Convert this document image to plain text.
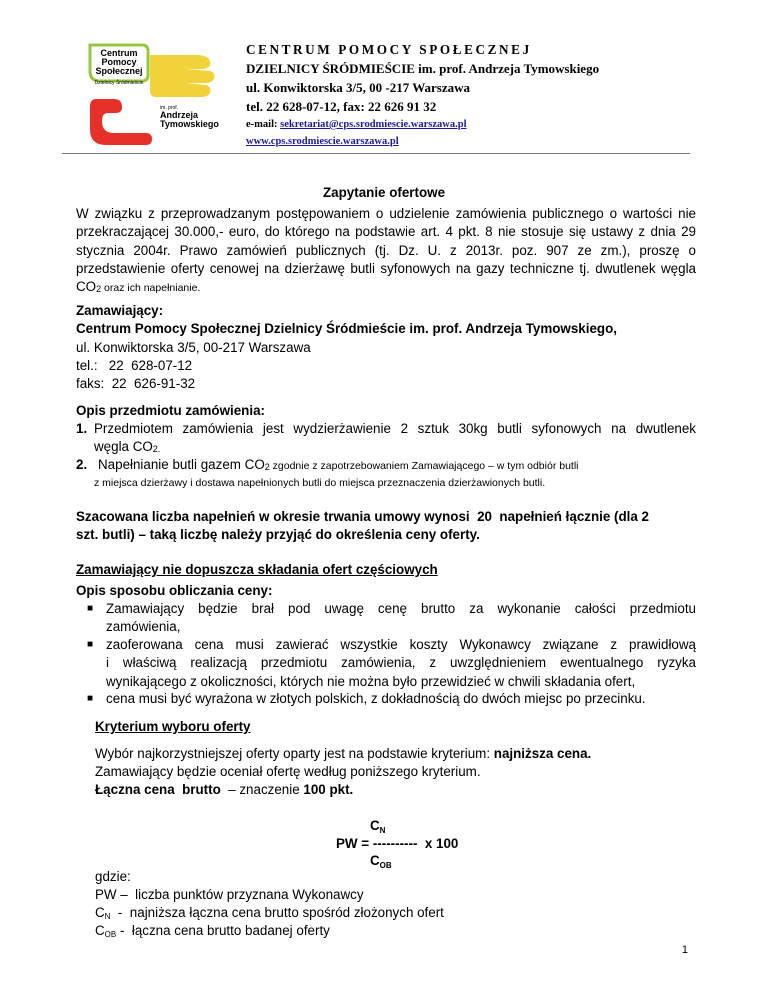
Centrum
Pomocy
Społecznej
Dzielnicy Śródmieście
im. prof.
Andrzeja
Tymowskiego
CENTRUM POMOCY SPOŁECZNEJ
DZIELNICY ŚRÓDMIEŚCIE im. prof. Andrzeja Tymowskiego
ul. Konwiktorska 3/5, 00 -217 Warszawa
tel. 22 628-07-12, fax: 22 626 91 32
e-mail: sekretariat@cps.srodmiescie.warszawa.pl
www.cps.srodmiescie.warszawa.pl
Zapytanie ofertowe
W związku z przeprowadzanym postępowaniem o udzielenie zamówienia publicznego o wartości nie przekraczającej 30.000,- euro, do którego na podstawie art. 4 pkt. 8 nie stosuje się ustawy z dnia 29 stycznia 2004r. Prawo zamówień publicznych (tj. Dz. U. z 2013r. poz. 907 ze zm.), proszę o przedstawienie oferty cenowej na dzierżawę butli syfonowych na gazy techniczne tj. dwutlenek węgla CO2 oraz ich napełnianie.
Zamawiający:
Centrum Pomocy Społecznej Dzielnicy Śródmieście im. prof. Andrzeja Tymowskiego,
ul. Konwiktorska 3/5, 00-217 Warszawa
tel.:   22  628-07-12
faks:  22  626-91-32
Opis przedmiotu zamówienia:
1. Przedmiotem zamówienia jest wydzierżawienie 2 sztuk 30kg butli syfonowych na dwutlenek
węgla CO2.
2. Napełnianie butli gazem CO2 zgodnie z zapotrzebowaniem Zamawiającego – w tym odbiór butli
z miejsca dzierżawy i dostawa napełnionych butli do miejsca przeznaczenia dzierżawionych butli.
Szacowana liczba napełnień w okresie trwania umowy wynosi  20  napełnień łącznie (dla 2
szt. butli) – taką liczbę należy przyjąć do określenia ceny oferty.
Zamawiający nie dopuszcza składania ofert częściowych
Opis sposobu obliczania ceny:
■ Zamawiający będzie brał pod uwagę cenę brutto za wykonanie całości przedmiotu
zamówienia,
■ zaoferowana cena musi zawierać wszystkie koszty Wykonawcy związane z prawidłową
i właściwą realizacją przedmiotu zamówienia, z uwzględnieniem ewentualnego ryzyka
wynikającego z okoliczności, których nie można było przewidzieć w chwili składania ofert,
■ cena musi być wyrażona w złotych polskich, z dokładnością do dwóch miejsc po przecinku.
Kryterium wyboru oferty
Wybór najkorzystniejszej oferty oparty jest na podstawie kryterium: najniższa cena.
Zamawiający będzie oceniał ofertę według poniższego kryterium.
Łączna cena  brutto  – znaczenie 100 pkt.
$C_N$
PW = ----------  x 100
$C_{OB}$
gdzie:
PW –  liczba punktów przyznana Wykonawcy
CN  -  najniższa łączna cena brutto spośród złożonych ofert
COB -  łączna cena brutto badanej oferty
1
